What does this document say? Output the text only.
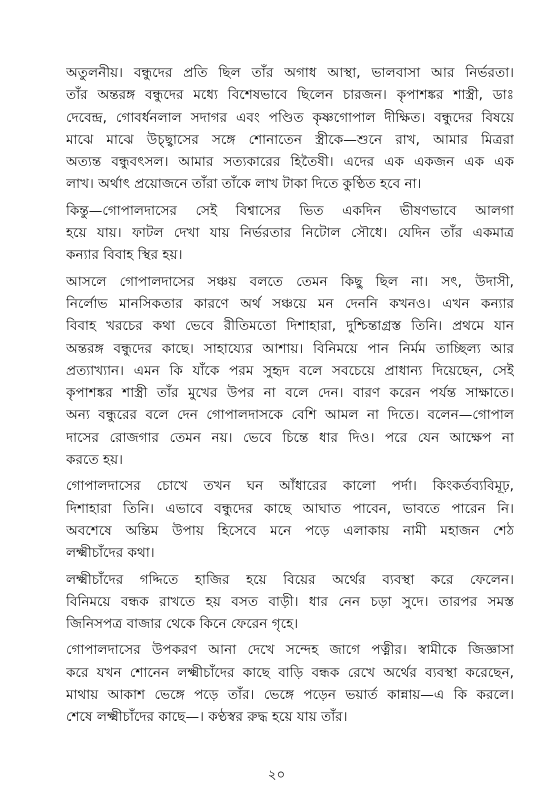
অতুলনীয়। বন্ধুদের প্রতি ছিল তাঁর অগাধ আস্থা, ভালবাসা আর নির্ভরতা।
তাঁর অন্তরঙ্গ বন্ধুদের মধ্যে বিশেষভাবে ছিলেন চারজন। কৃপাশঙ্কর শাস্ত্রী, ডাঃ
দেবেন্দ্র, গোবর্ধনলাল সদাগর এবং পণ্ডিত কৃষ্ণগোপাল দীক্ষিত। বন্ধুদের বিষয়ে
মাঝে মাঝে উচ্ছ্বাসের সঙ্গে শোনাতেন স্ত্রীকে—শুনে রাখ, আমার মিত্ররা
অত্যন্ত বন্ধুবৎসল। আমার সত্যকারের হিতৈষী। এদের এক একজন এক এক
লাখ। অর্থাৎ প্রয়োজনে তাঁরা তাঁকে লাখ টাকা দিতে কুণ্ঠিত হবে না।
কিন্তু—গোপালদাসের সেই বিশ্বাসের ভিত একদিন ভীষণভাবে আলগা
হয়ে যায়। ফাটল দেখা যায় নির্ভরতার নিটোল সৌধে। যেদিন তাঁর একমাত্র
কন্যার বিবাহ স্থির হয়।
আসলে গোপালদাসের সঞ্চয় বলতে তেমন কিছু ছিল না। সৎ, উদাসী,
নির্লোভ মানসিকতার কারণে অর্থ সঞ্চয়ে মন দেননি কখনও। এখন কন্যার
বিবাহ খরচের কথা ভেবে রীতিমতো দিশাহারা, দুশ্চিন্তাগ্রস্ত তিনি। প্রথমে যান
অন্তরঙ্গ বন্ধুদের কাছে। সাহায্যের আশায়। বিনিময়ে পান নির্মম তাচ্ছিল্য আর
প্রত্যাখ্যান। এমন কি যাঁকে পরম সুহৃদ বলে সবচেয়ে প্রাধান্য দিয়েছেন, সেই
কৃপাশঙ্কর শাস্ত্রী তাঁর মুখের উপর না বলে দেন। বারণ করেন পর্যন্ত সাক্ষাতে।
অন্য বন্ধুরের বলে দেন গোপালদাসকে বেশি আমল না দিতে। বলেন—গোপাল
দাসের রোজগার তেমন নয়। ভেবে চিন্তে ধার দিও। পরে যেন আক্ষেপ না
করতে হয়।
গোপালদাসের চোখে তখন ঘন আঁধারের কালো পর্দা। কিংকর্তব্যবিমূঢ়,
দিশাহারা তিনি। এভাবে বন্ধুদের কাছে আঘাত পাবেন, ভাবতে পারেন নি।
অবশেষে অন্তিম উপায় হিসেবে মনে পড়ে এলাকায় নামী মহাজন শেঠ
লক্ষ্মীচাঁদের কথা।
লক্ষ্মীচাঁদের গদ্দিতে হাজির হয়ে বিয়ের অর্থের ব্যবস্থা করে ফেলেন।
বিনিময়ে বন্ধক রাখতে হয় বসত বাড়ী। ধার নেন চড়া সুদে। তারপর সমস্ত
জিনিসপত্র বাজার থেকে কিনে ফেরেন গৃহে।
গোপালদাসের উপকরণ আনা দেখে সন্দেহ জাগে পত্নীর। স্বামীকে জিজ্ঞাসা
করে যখন শোনেন লক্ষ্মীচাঁদের কাছে বাড়ি বন্ধক রেখে অর্থের ব্যবস্থা করেছেন,
মাথায় আকাশ ভেঙ্গে পড়ে তাঁর। ভেঙ্গে পড়েন ভয়ার্ত কান্নায়—এ কি করলে।
শেষে লক্ষ্মীচাঁদের কাছে—। কণ্ঠস্বর রুদ্ধ হয়ে যায় তাঁর।
২০
